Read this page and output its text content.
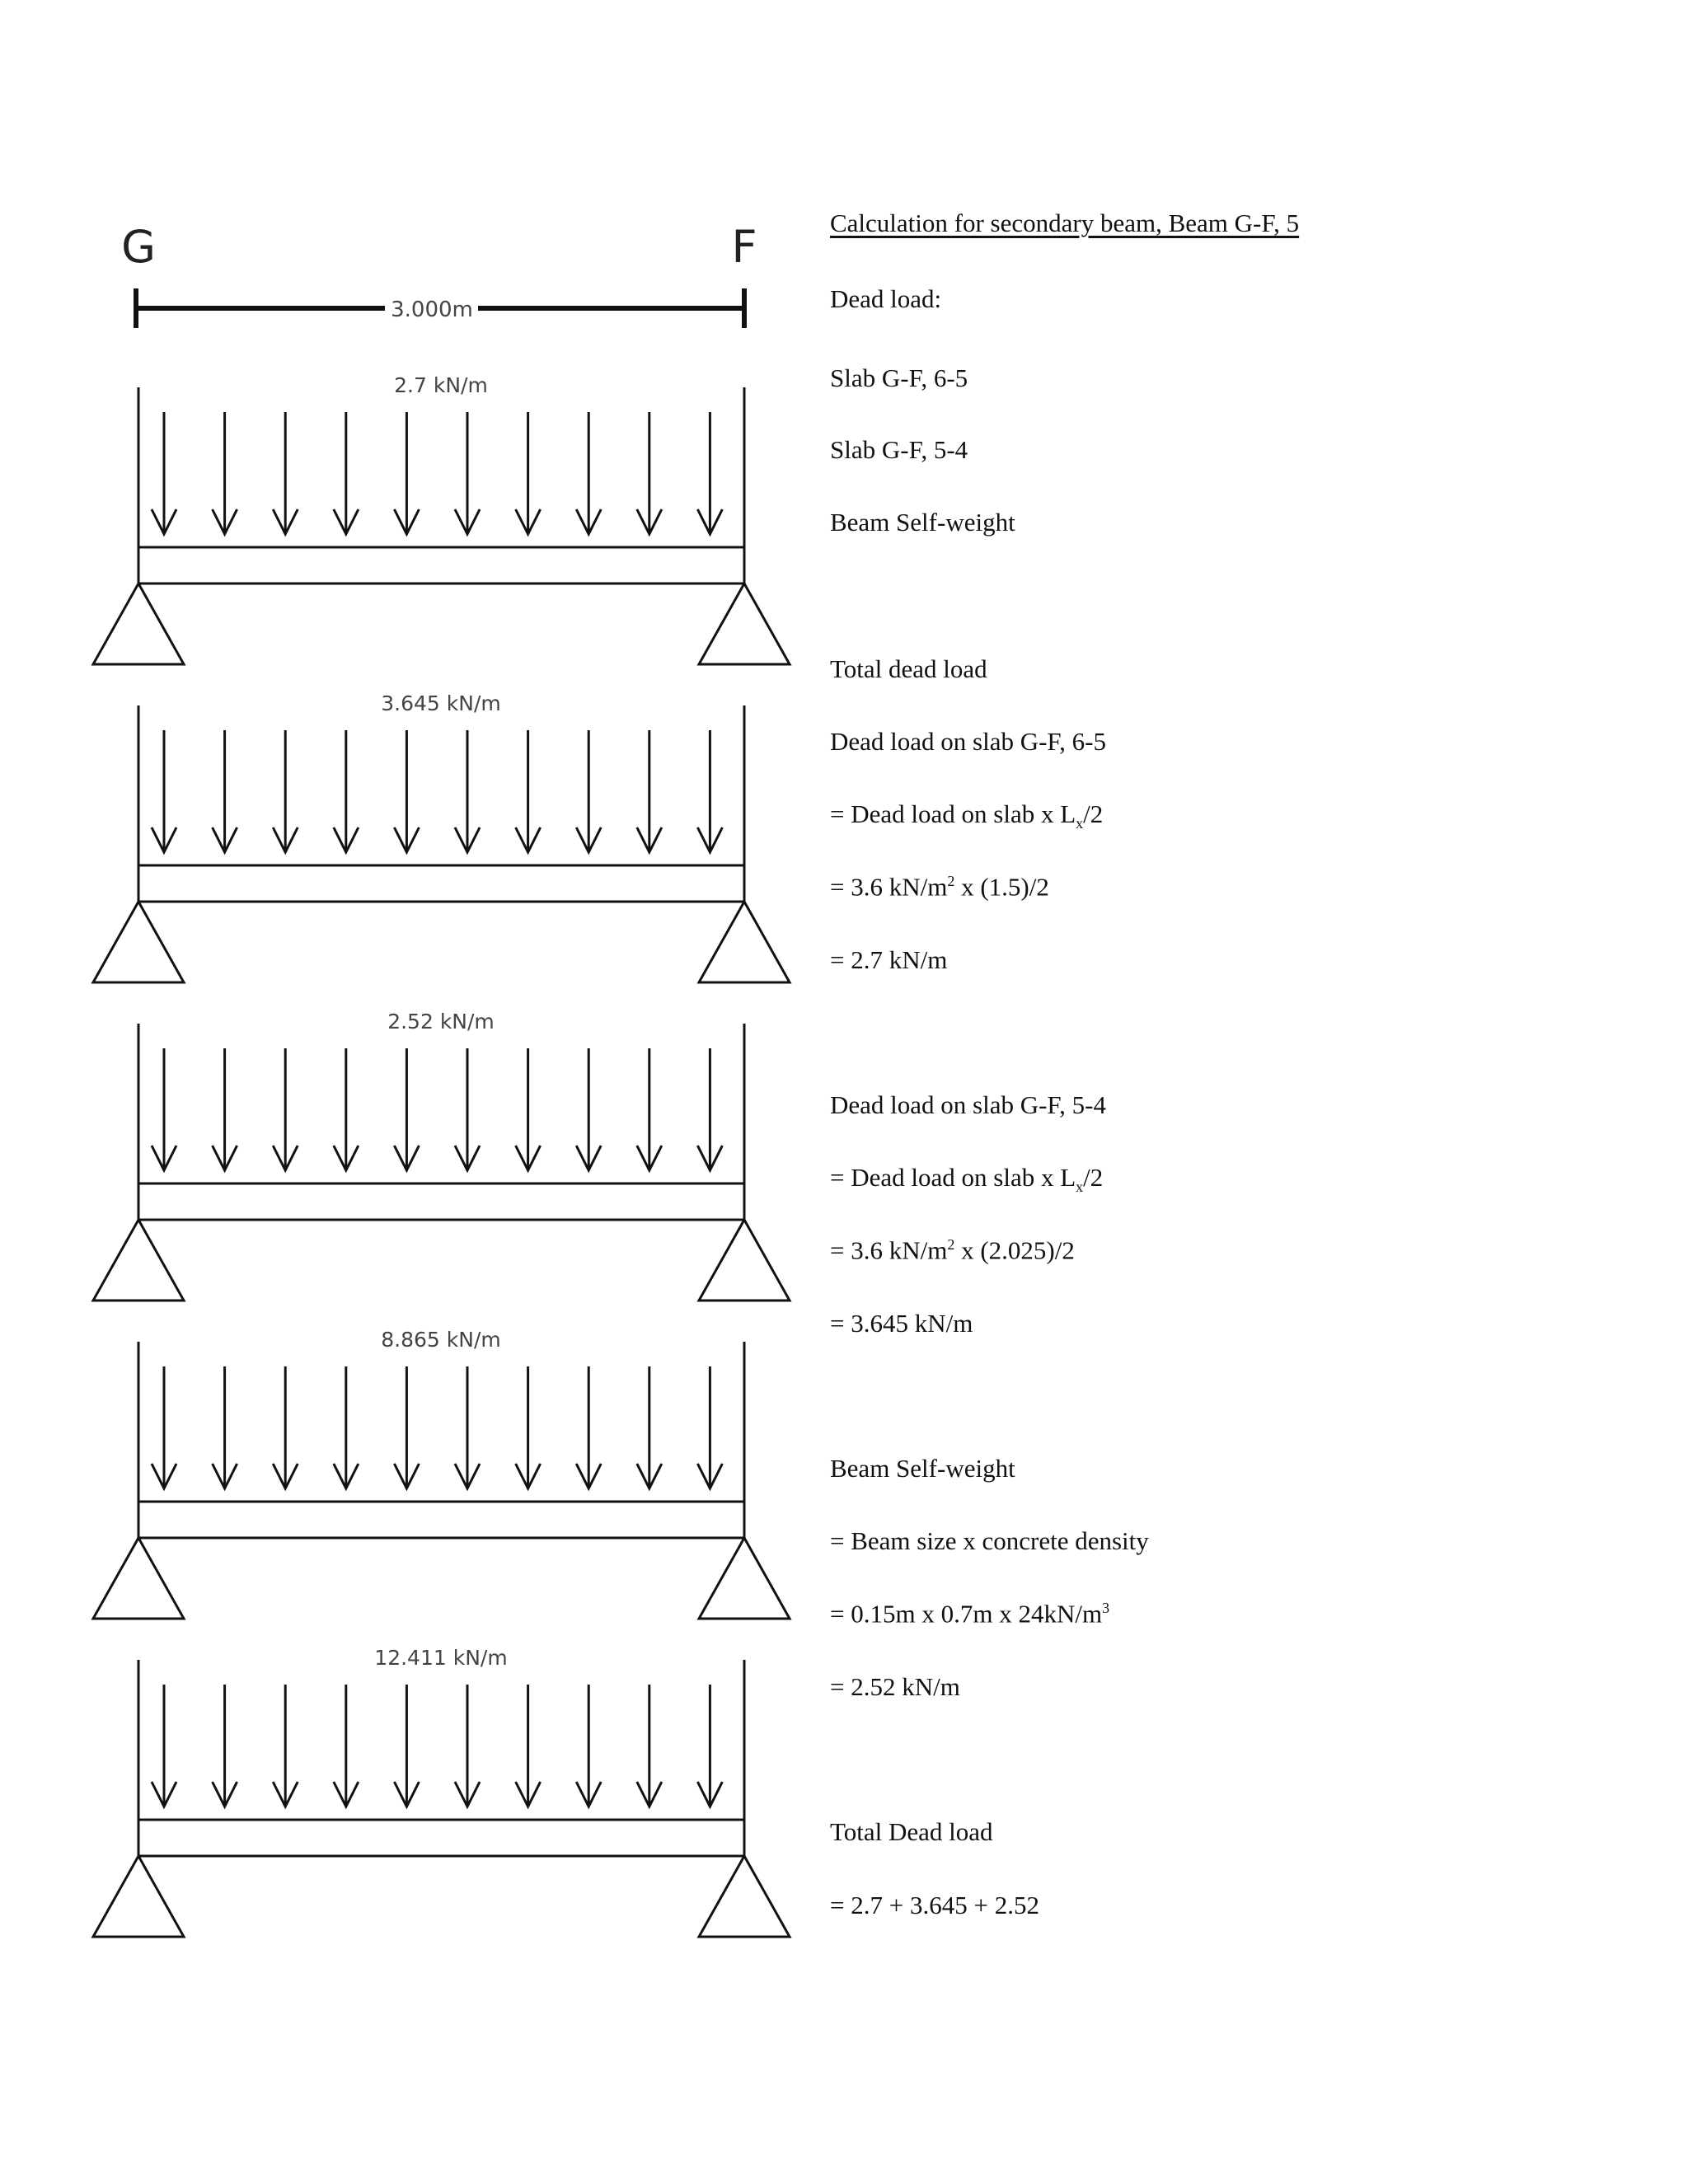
G	F
3.000m
2.7 kN/m
3.645 kN/m
2.52 kN/m
8.865 kN/m
12.411 kN/m
Calculation for secondary beam, Beam G-F, 5
Dead load:
Slab G-F, 6-5
Slab G-F, 5-4
Beam Self-weight
Total dead load
Dead load on slab G-F, 6-5
= Dead load on slab x $L_x/2$
= 3.6 $kN/m^2$ x (1.5)/2
= 2.7 kN/m
Dead load on slab G-F, 5-4
= Dead load on slab x $L_x/2$
= 3.6 $kN/m^2$ x (2.025)/2
= 3.645 kN/m
Beam Self-weight
= Beam size x concrete density
= 0.15m x 0.7m x $24kN/m^3$
= 2.52 kN/m
Total Dead load
= 2.7 + 3.645 + 2.52
